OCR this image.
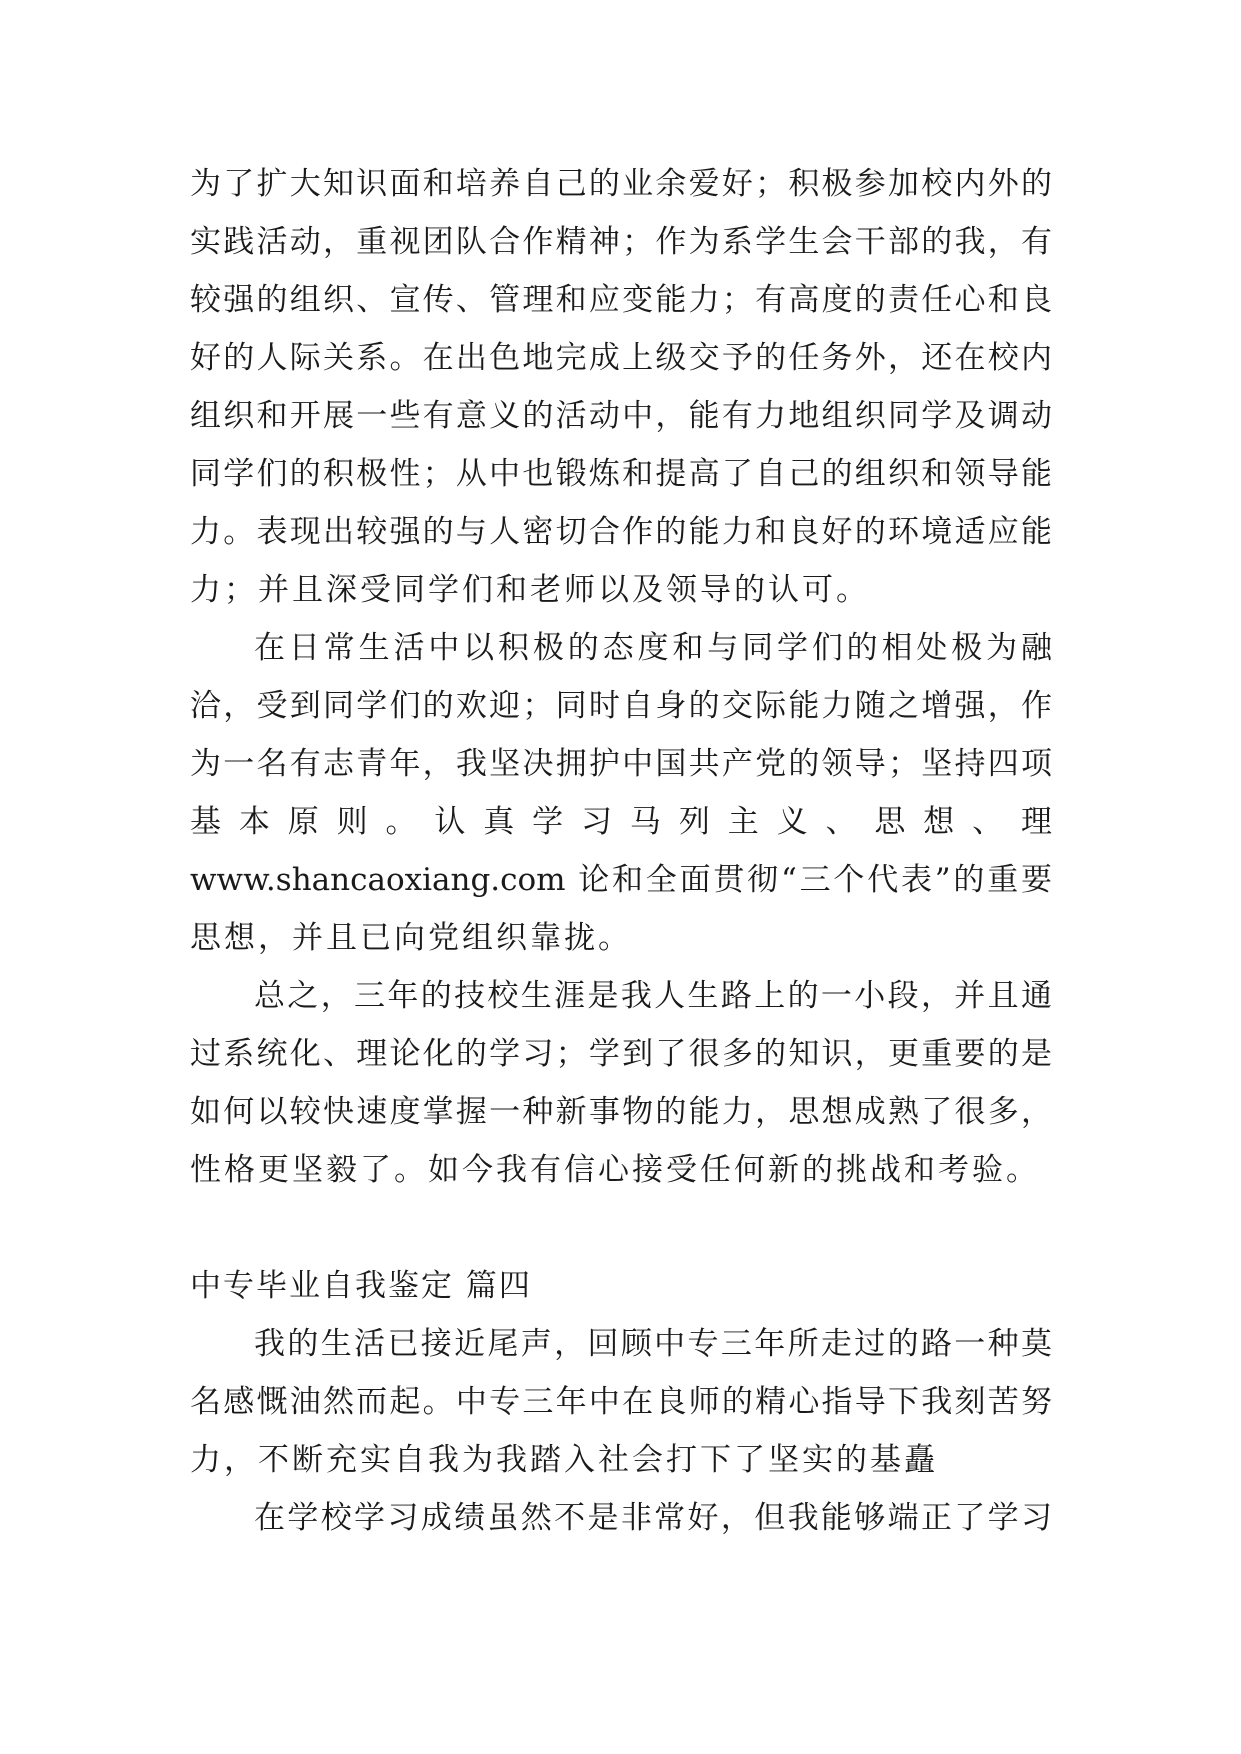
为了扩大知识面和培养自己的业余爱好；积极参加校内外的
实践活动，重视团队合作精神；作为系学生会干部的我，有
较强的组织、宣传、管理和应变能力；有高度的责任心和良
好的人际关系。在出色地完成上级交予的任务外，还在校内
组织和开展一些有意义的活动中，能有力地组织同学及调动
同学们的积极性；从中也锻炼和提高了自己的组织和领导能
力。表现出较强的与人密切合作的能力和良好的环境适应能
力；并且深受同学们和老师以及领导的认可。
在日常生活中以积极的态度和与同学们的相处极为融
洽，受到同学们的欢迎；同时自身的交际能力随之增强，作
为一名有志青年，我坚决拥护中国共产党的领导；坚持四项
基 本 原 则 。 认 真 学 习 马 列 主 义 、 思 想 、 理
www.shancaoxiang.com 论和全面贯彻“三个代表”的重要
思想，并且已向党组织靠拢。
总之，三年的技校生涯是我人生路上的一小段，并且通
过系统化、理论化的学习；学到了很多的知识，更重要的是
如何以较快速度掌握一种新事物的能力，思想成熟了很多，
性格更坚毅了。如今我有信心接受任何新的挑战和考验。
中专毕业自我鉴定 篇四
我的生活已接近尾声，回顾中专三年所走过的路一种莫
名感慨油然而起。中专三年中在良师的精心指导下我刻苦努
力，不断充实自我为我踏入社会打下了坚实的基矗
在学校学习成绩虽然不是非常好，但我能够端正了学习
